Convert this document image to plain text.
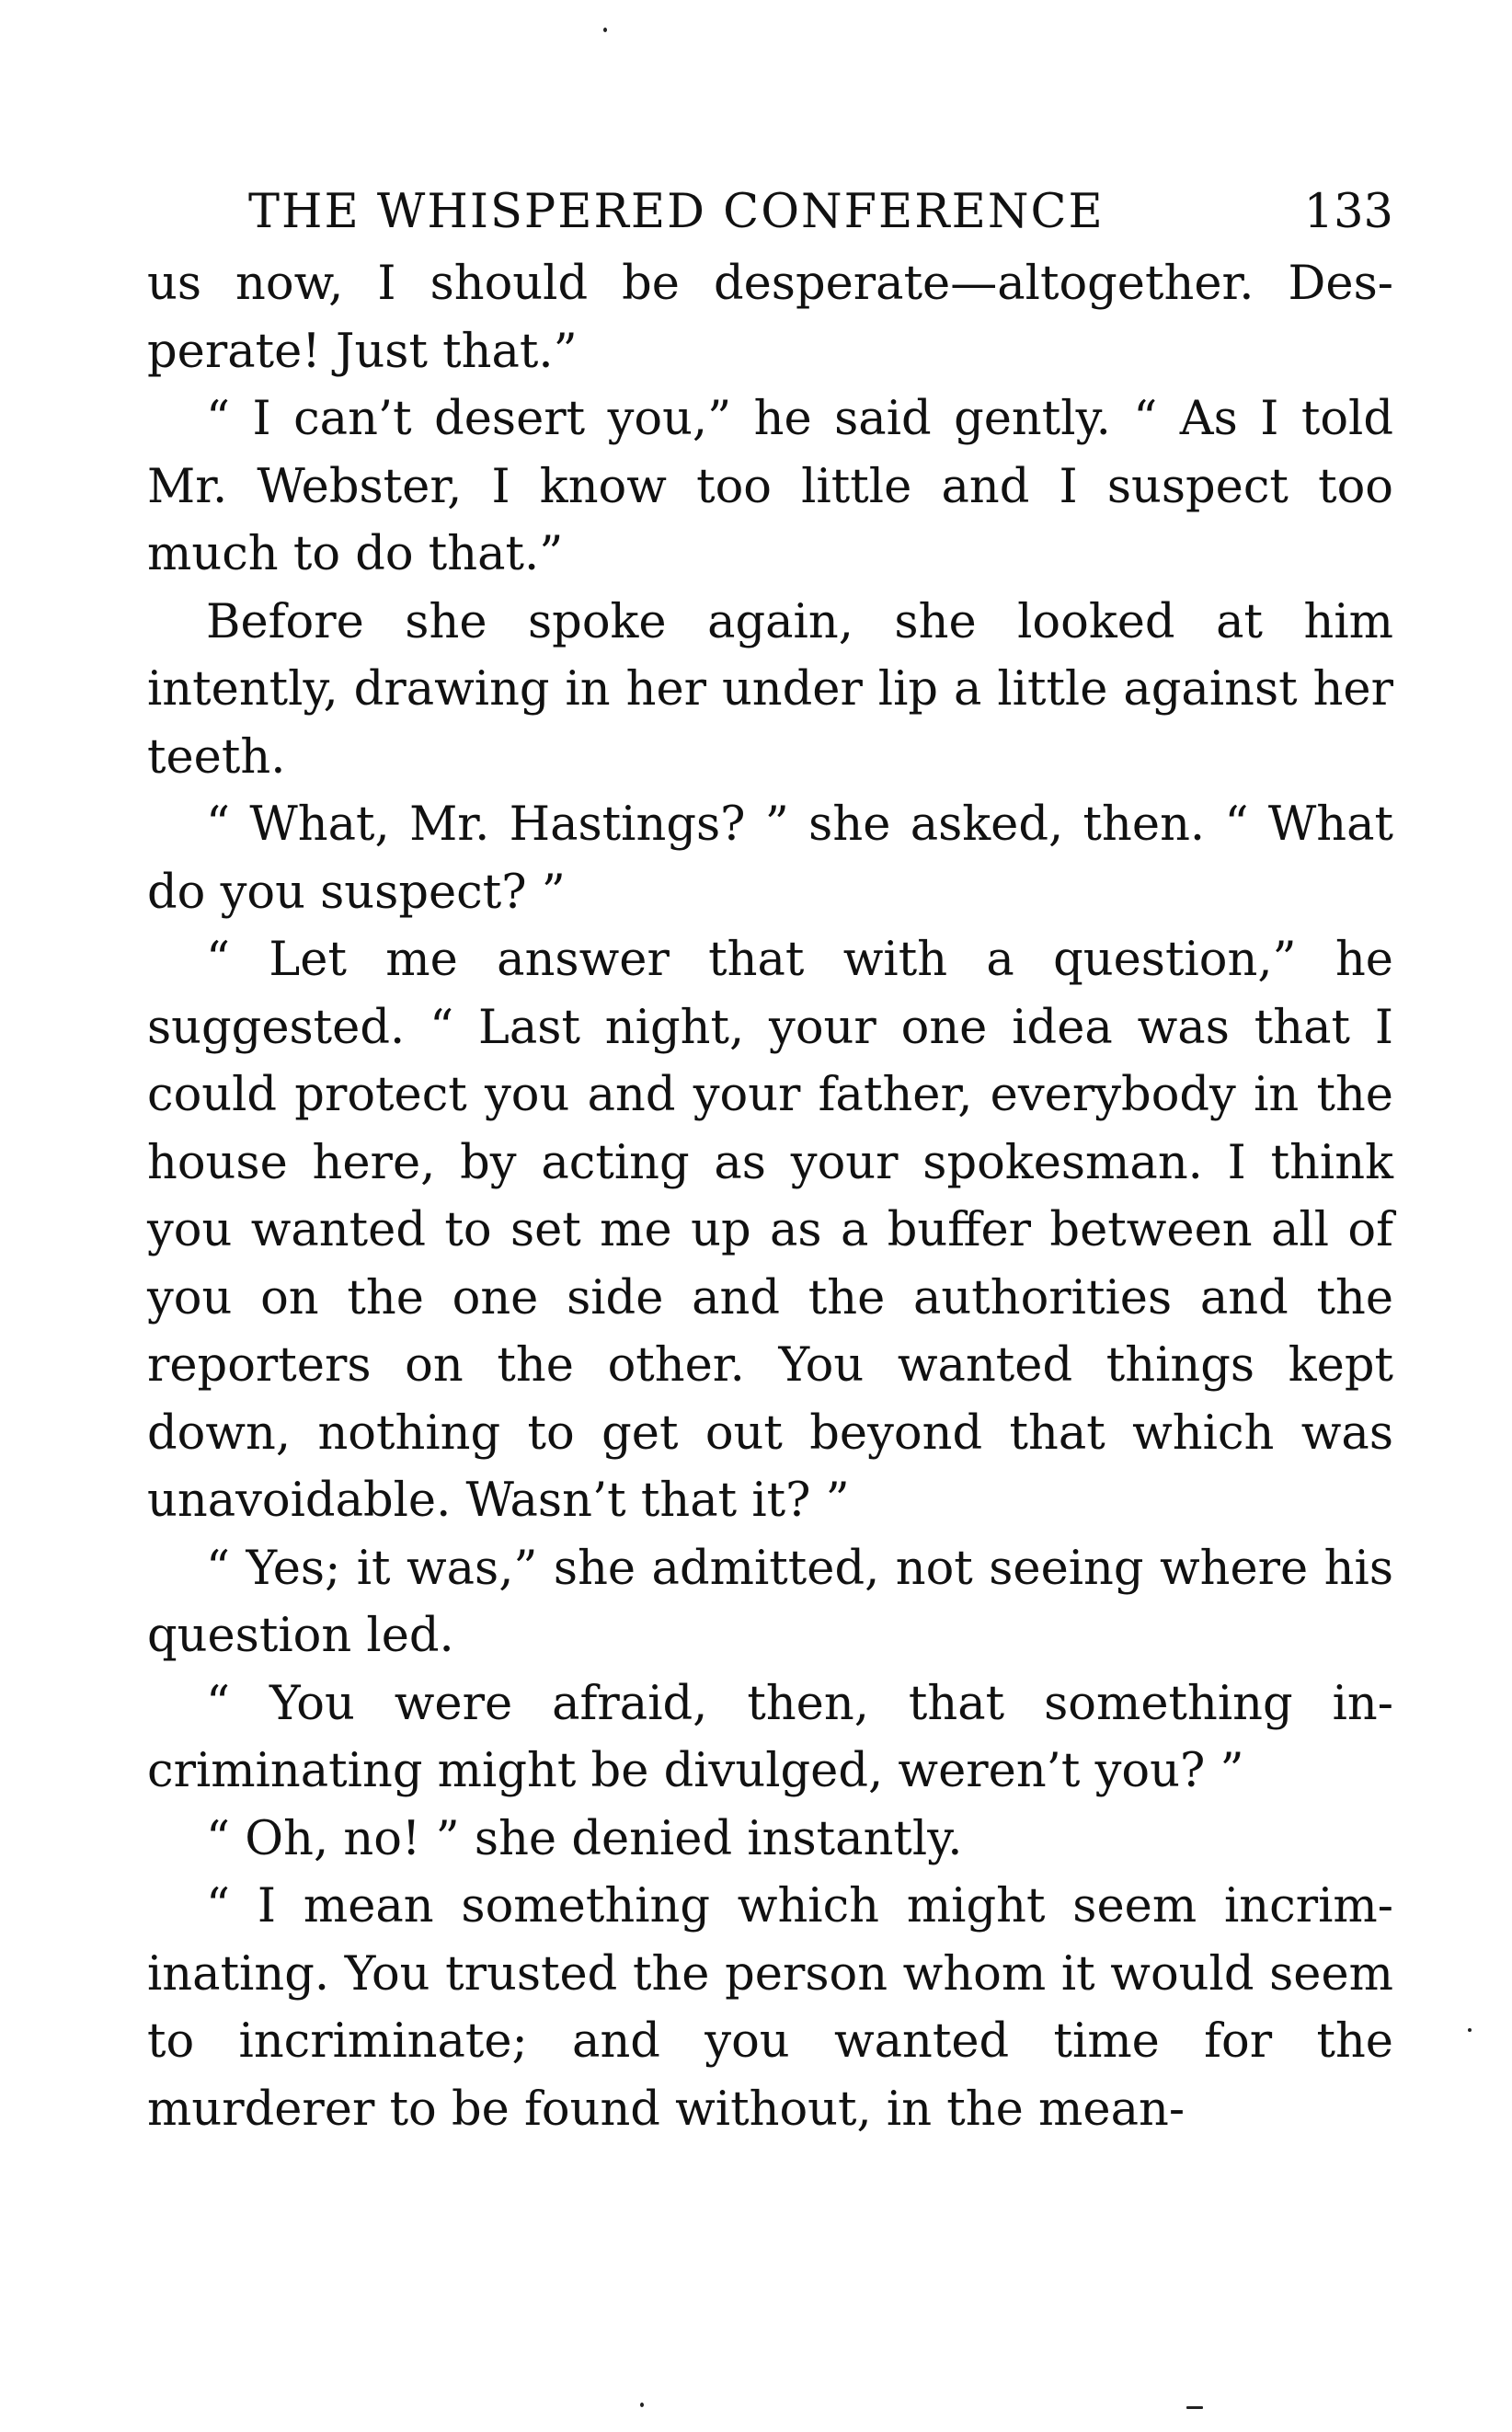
THE WHISPERED CONFERENCE	133

us now, I should be desperate—altogether. Desperate! Just that.”

“ I can’t desert you,” he said gently. “ As I told Mr. Webster, I know too little and I suspect too much to do that.”

Before she spoke again, she looked at him intently, drawing in her under lip a little against her teeth.

“ What, Mr. Hastings? ” she asked, then. “ What do you suspect? ”

“ Let me answer that with a question,” he suggested. “ Last night, your one idea was that I could protect you and your father, everybody in the house here, by acting as your spokesman. I think you wanted to set me up as a buffer between all of you on the one side and the authorities and the reporters on the other. You wanted things kept down, nothing to get out beyond that which was unavoidable. Wasn’t that it? ”

“ Yes; it was,” she admitted, not seeing where his question led.

“ You were afraid, then, that something incriminating might be divulged, weren’t you? ”

“ Oh, no! ” she denied instantly.

“ I mean something which might seem incriminating. You trusted the person whom it would seem to incriminate; and you wanted time for the murderer to be found without, in the mean-
